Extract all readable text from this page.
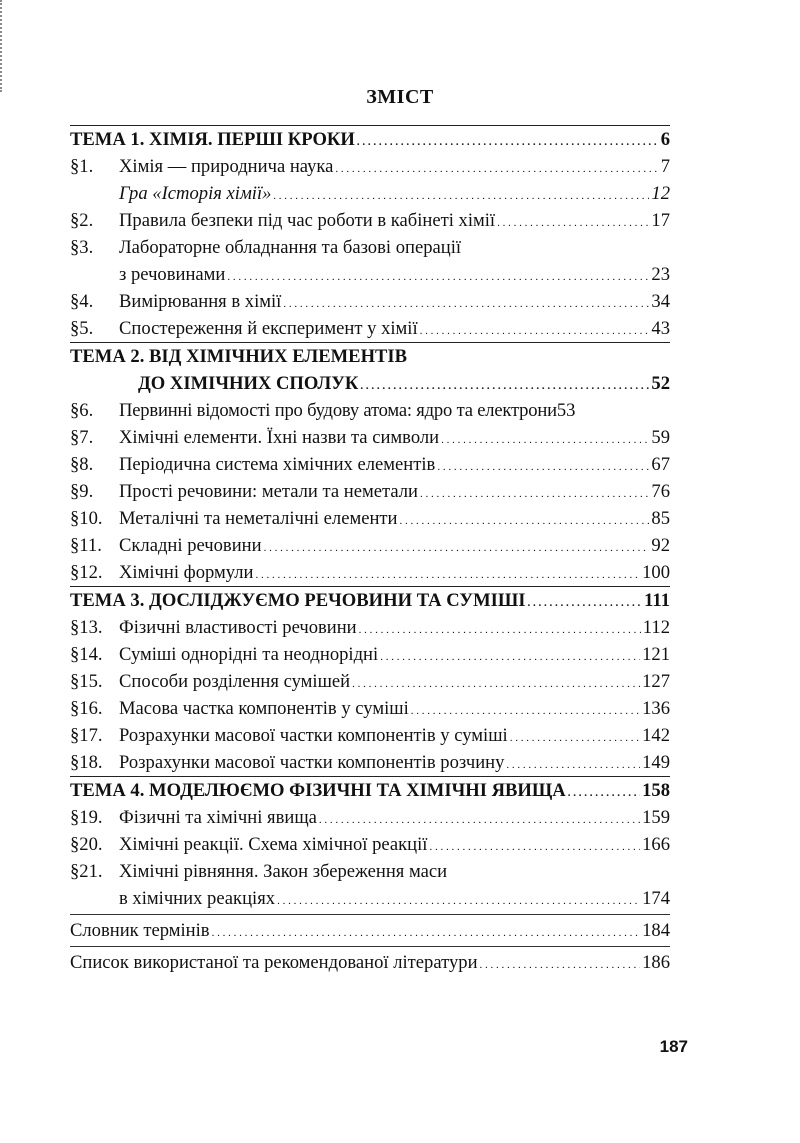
ЗМІСТ
ТЕМА 1. ХІМІЯ. ПЕРШІ КРОКИ . . .	6
§1.	Хімія — природнича наука . . .	7
Гра «Історія хімії» . . .	12
§2.	Правила безпеки під час роботи в кабінеті хімії . . .	17
§3.	Лабораторне обладнання та базові операції
з речовинами . . .	23
§4.	Вимірювання в хімії . . .	34
§5.	Спостереження й експеримент у хімії . . .	43
ТЕМА 2. ВІД ХІМІЧНИХ ЕЛЕМЕНТІВ
ДО ХІМІЧНИХ СПОЛУК . . .	52
§6.	Первинні відомості про будову атома: ядро та електрони 53
§7.	Хімічні елементи. Їхні назви та символи . . .	59
§8.	Періодична система хімічних елементів . . .	67
§9.	Прості речовини: метали та неметали . . .	76
§10. Металічні та неметалічні елементи . . .	85
§11. Складні речовини . . .	92
§12. Хімічні формули . . .	100
ТЕМА 3. ДОСЛІДЖУЄМО РЕЧОВИНИ ТА СУМІШІ . . .	111
§13. Фізичні властивості речовини . . .	112
§14. Суміші однорідні та неоднорідні . . .	121
§15. Способи розділення сумішей . . .	127
§16. Масова частка компонентів у суміші . . .	136
§17. Розрахунки масової частки компонентів у суміші . . .	142
§18. Розрахунки масової частки компонентів розчину . . .	149
ТЕМА 4. МОДЕЛЮЄМО ФІЗИЧНІ ТА ХІМІЧНІ ЯВИЩА . . .	158
§19. Фізичні та хімічні явища . . .	159
§20. Хімічні реакції. Схема хімічної реакції . . .	166
§21. Хімічні рівняння. Закон збереження маси
в хімічних реакціях . . .	174
Словник термінів . . .	184
Список використаної та рекомендованої літератури . . .	186
187
